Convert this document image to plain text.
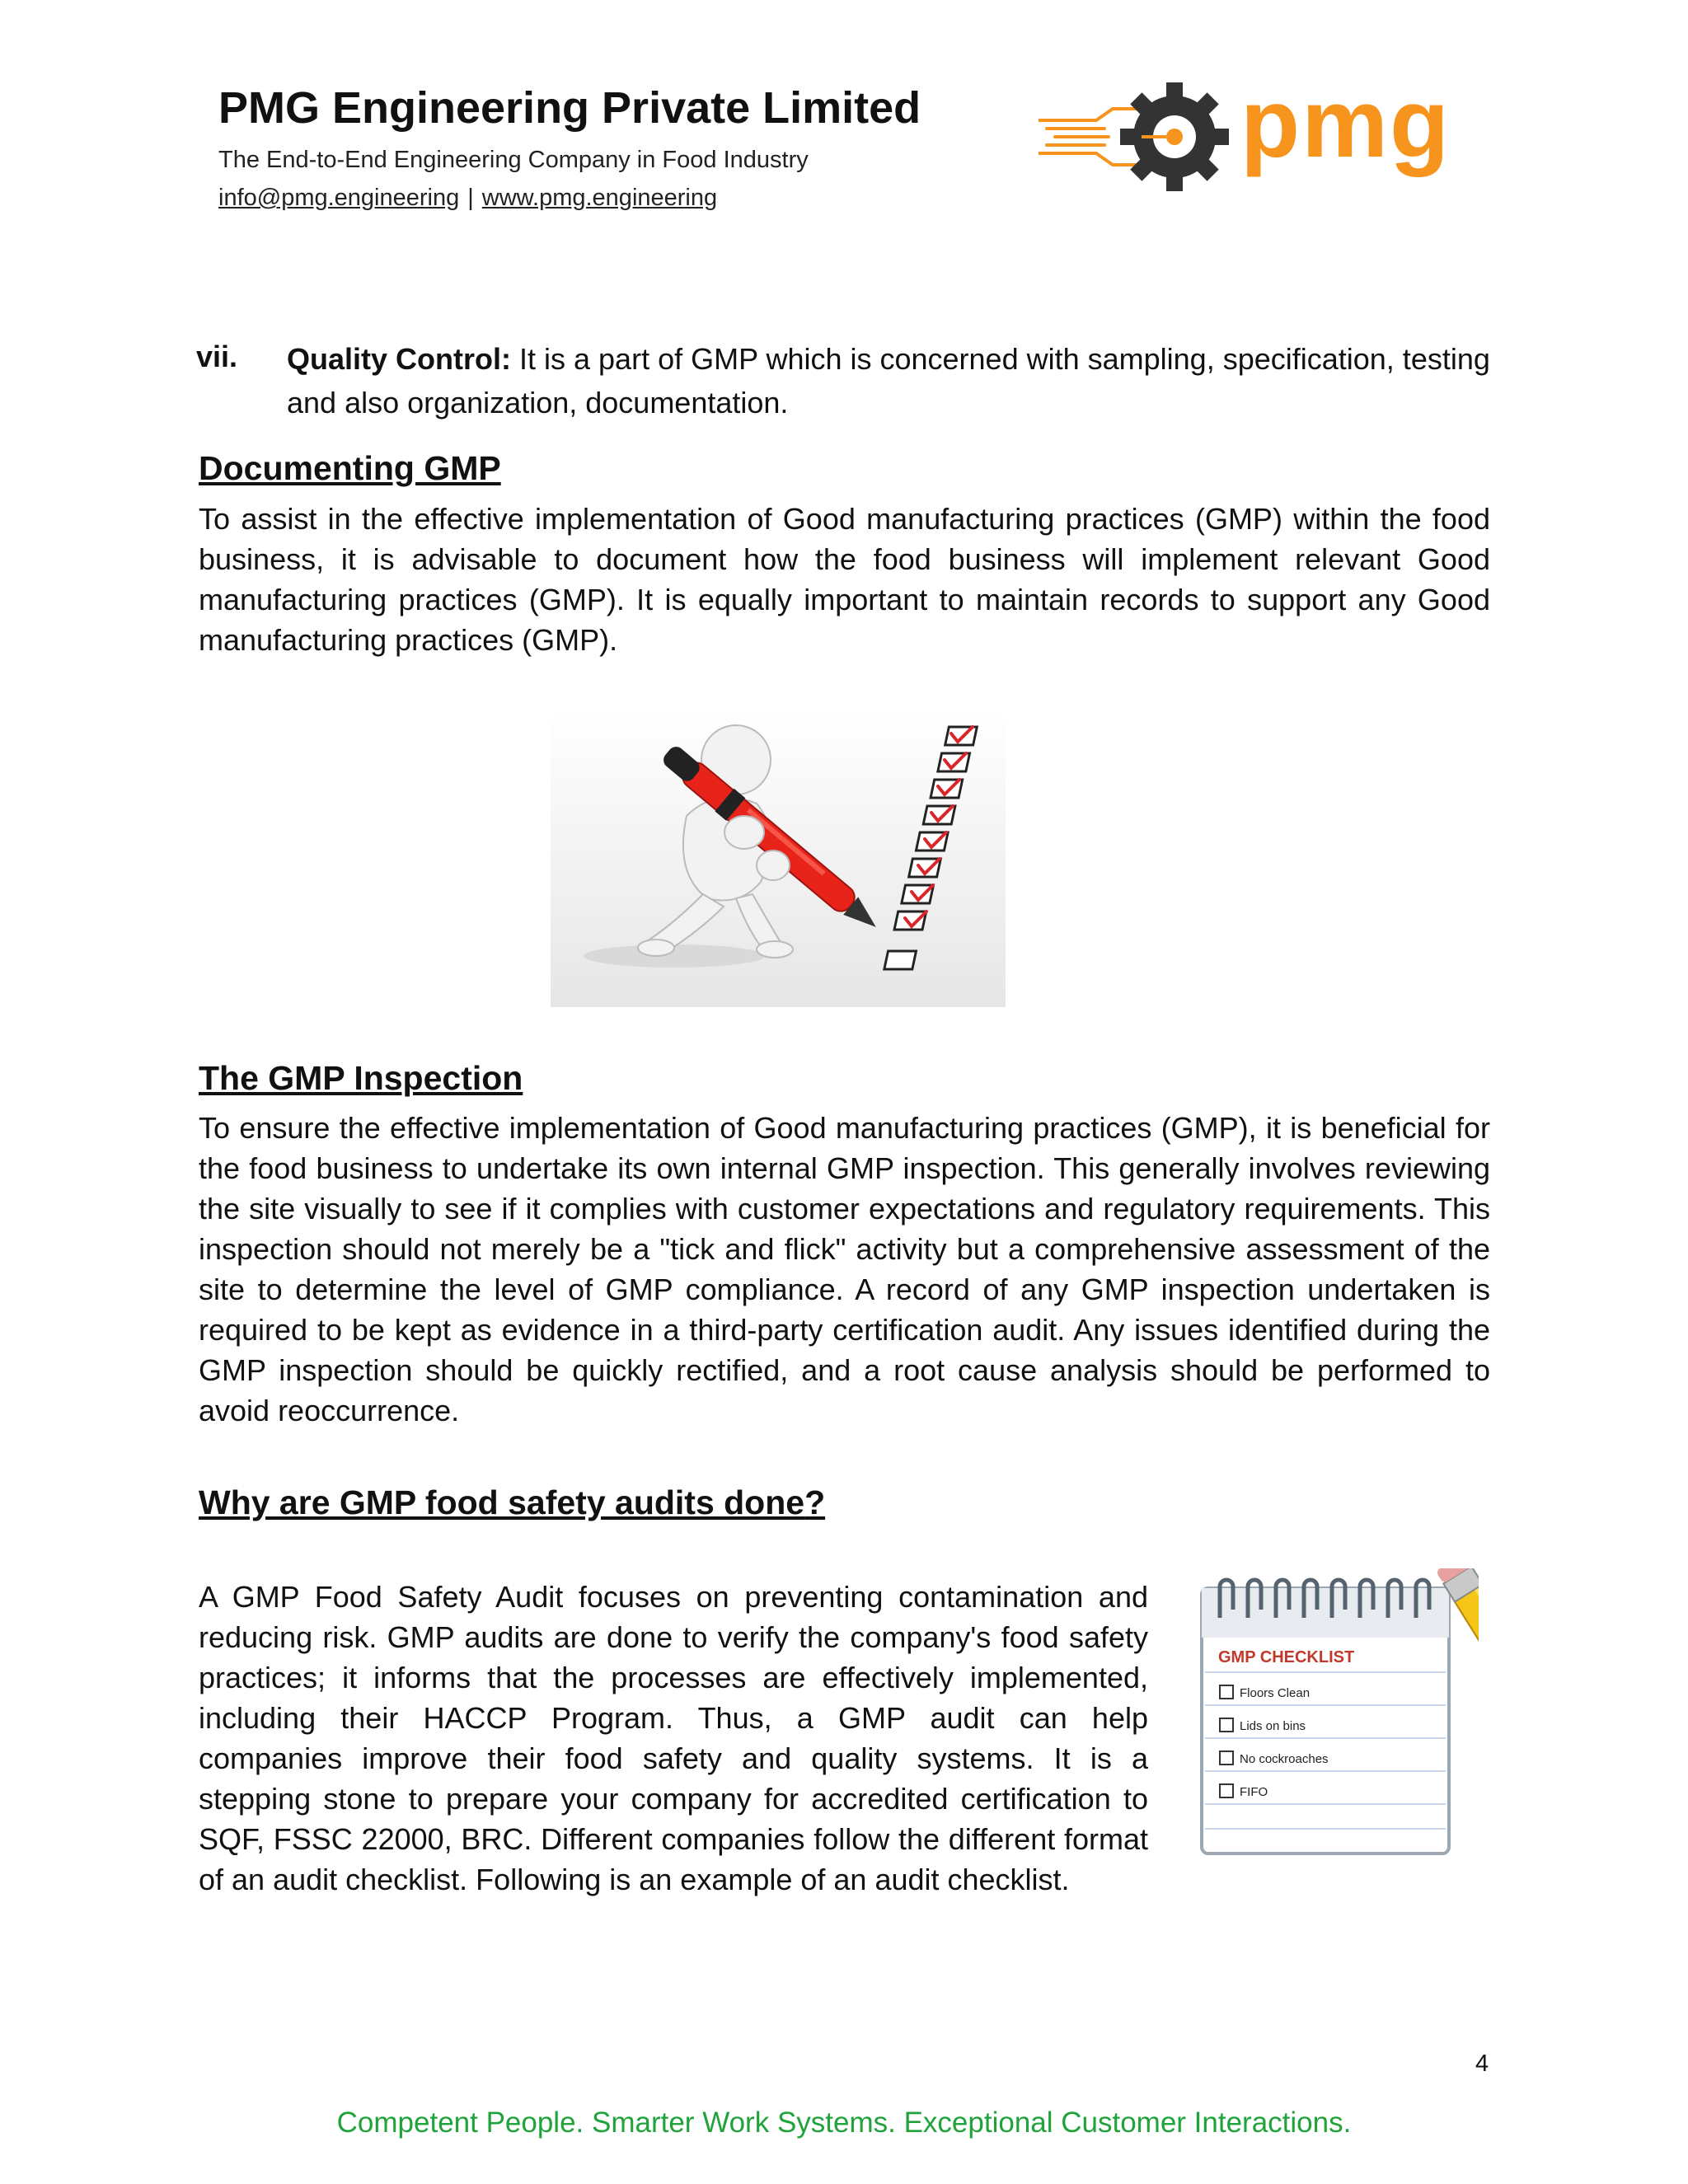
PMG Engineering Private Limited
The End-to-End Engineering Company in Food Industry
info@pmg.engineering | www.pmg.engineering
pmg
vii. Quality Control: It is a part of GMP which is concerned with sampling, specification, testing and also organization, documentation.
Documenting GMP
To assist in the effective implementation of Good manufacturing practices (GMP) within the food business, it is advisable to document how the food business will implement relevant Good manufacturing practices (GMP). It is equally important to maintain records to support any Good manufacturing practices (GMP).
The GMP Inspection
To ensure the effective implementation of Good manufacturing practices (GMP), it is beneficial for the food business to undertake its own internal GMP inspection. This generally involves reviewing the site visually to see if it complies with customer expectations and regulatory requirements. This inspection should not merely be a "tick and flick" activity but a comprehensive assessment of the site to determine the level of GMP compliance. A record of any GMP inspection undertaken is required to be kept as evidence in a third-party certification audit. Any issues identified during the GMP inspection should be quickly rectified, and a root cause analysis should be performed to avoid reoccurrence.
Why are GMP food safety audits done?
A GMP Food Safety Audit focuses on preventing contamination and reducing risk. GMP audits are done to verify the company's food safety practices; it informs that the processes are effectively implemented, including their HACCP Program. Thus, a GMP audit can help companies improve their food safety and quality systems. It is a stepping stone to prepare your company for accredited certification to SQF, FSSC 22000, BRC. Different companies follow the different format of an audit checklist. Following is an example of an audit checklist.
GMP CHECKLIST
Floors Clean
Lids on bins
No cockroaches
FIFO
4
Competent People. Smarter Work Systems. Exceptional Customer Interactions.
